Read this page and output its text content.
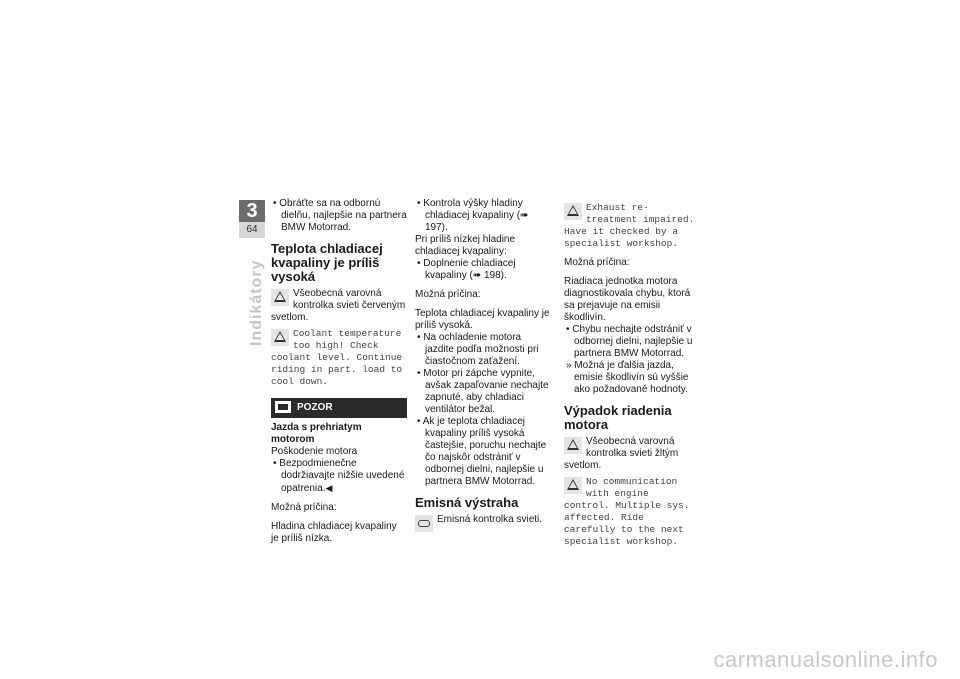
3
64
Indikátory

• Obráťte sa na odbornú dielňu, najlepšie na partnera BMW Motorrad.

Teplota chladiacej kvapaliny je príliš vysoká
Všeobecná varovná kontrolka svieti červeným svetlom.
Coolant temperature too high! Check coolant level. Continue riding in part. load to cool down.
POZOR

Jazda s prehriatym motorom

Poškodenie motora

• Bezpodmienečne dodržiavajte nižšie uvedené opatrenia.◀

Možná príčina:

Hladina chladiacej kvapaliny je príliš nízka.

• Kontrola výšky hladiny chladiacej kvapaliny (➠ 197).

Pri príliš nízkej hladine chladiacej kvapaliny:

• Doplnenie chladiacej kvapaliny (➠ 198).

Možná príčina:

Teplota chladiacej kvapaliny je príliš vysoká.

• Na ochladenie motora jazdite podľa možnosti pri čiastočnom zaťažení.

• Motor pri zápche vypnite, avšak zapaľovanie nechajte zapnuté, aby chladiaci ventilátor bežal.

• Ak je teplota chladiacej kvapaliny príliš vysoká častejšie, poruchu nechajte čo najskôr odstrániť v odbornej dielni, najlepšie u partnera BMW Motorrad.

Emisná výstraha
Emisná kontrolka svieti.
Exhaust re-treatment impaired. Have it checked by a specialist workshop.

Možná príčina:

Riadiaca jednotka motora diagnostikovala chybu, ktorá sa prejavuje na emisii škodlivín.

• Chybu nechajte odstrániť v odbornej dielni, najlepšie u partnera BMW Motorrad.

» Možná je ďalšia jazda, emisie škodlivín sú vyššie ako požadované hodnoty.

Výpadok riadenia motora
Všeobecná varovná kontrolka svieti žltým svetlom.
No communication with engine control. Multiple sys. affected. Ride carefully to the next specialist workshop.
carmanualsonline.info
